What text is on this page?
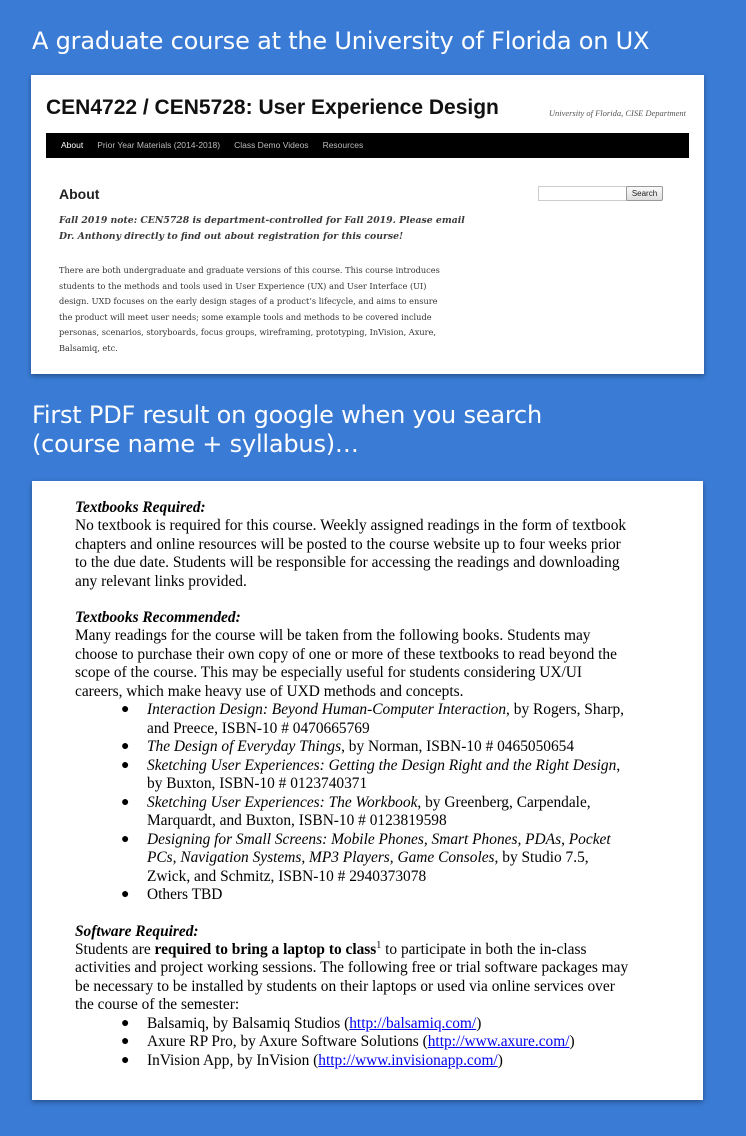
A graduate course at the University of Florida on UX
First PDF result on google when you search
(course name + syllabus)…
CEN4722 / CEN5728: User Experience Design	University of Florida, CISE Department
About	Prior Year Materials (2014-2018)	Class Demo Videos	Resources
About
Fall 2019 note: CEN5728 is department-controlled for Fall 2019. Please email
Dr. Anthony directly to find out about registration for this course!
There are both undergraduate and graduate versions of this course. This course introduces
students to the methods and tools used in User Experience (UX) and User Interface (UI)
design. UXD focuses on the early design stages of a product’s lifecycle, and aims to ensure
the product will meet user needs; some example tools and methods to be covered include
personas, scenarios, storyboards, focus groups, wireframing, prototyping, InVision, Axure,
Balsamiq, etc.
Search
Textbooks Required:
No textbook is required for this course. Weekly assigned readings in the form of textbook
chapters and online resources will be posted to the course website up to four weeks prior
to the due date. Students will be responsible for accessing the readings and downloading
any relevant links provided.
Textbooks Recommended:
Many readings for the course will be taken from the following books. Students may
choose to purchase their own copy of one or more of these textbooks to read beyond the
scope of the course. This may be especially useful for students considering UX/UI
careers, which make heavy use of UXD methods and concepts.
● Interaction Design: Beyond Human-Computer Interaction, by Rogers, Sharp,
and Preece, ISBN-10 # 0470665769
● The Design of Everyday Things, by Norman, ISBN-10 # 0465050654
● Sketching User Experiences: Getting the Design Right and the Right Design,
by Buxton, ISBN-10 # 0123740371
● Sketching User Experiences: The Workbook, by Greenberg, Carpendale,
Marquardt, and Buxton, ISBN-10 # 0123819598
● Designing for Small Screens: Mobile Phones, Smart Phones, PDAs, Pocket
PCs, Navigation Systems, MP3 Players, Game Consoles, by Studio 7.5,
Zwick, and Schmitz, ISBN-10 # 2940373078
● Others TBD
Software Required:
Students are required to bring a laptop to class$^1$ to participate in both the in-class
activities and project working sessions. The following free or trial software packages may
be necessary to be installed by students on their laptops or used via online services over
the course of the semester:
● Balsamiq, by Balsamiq Studios (http://balsamiq.com/)
● Axure RP Pro, by Axure Software Solutions (http://www.axure.com/)
● InVision App, by InVision (http://www.invisionapp.com/)
